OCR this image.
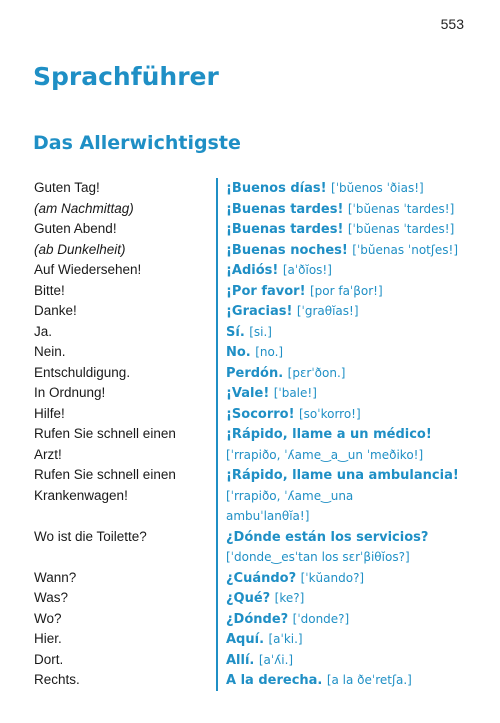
553
Sprachführer
Das Allerwichtigste
Guten Tag!
(am Nachmittag)
Guten Abend!
(ab Dunkelheit)
Auf Wiedersehen!
Bitte!
Danke!
Ja.
Nein.
Entschuldigung.
In Ordnung!
Hilfe!
Rufen Sie schnell einen
Arzt!
Rufen Sie schnell einen
Krankenwagen!
Wo ist die Toilette?
Wann?
Was?
Wo?
Hier.
Dort.
Rechts.
¡Buenos días! [ˈbŭenos ˈðias!]
¡Buenas tardes! [ˈbŭenas ˈtardes!]
¡Buenas tardes! [ˈbŭenas ˈtardes!]
¡Buenas noches! [ˈbŭenas ˈnotʃes!]
¡Adiós! [aˈðĭos!]
¡Por favor! [por faˈβor!]
¡Gracias! [ˈgraθĭas!]
Sí. [si.]
No. [no.]
Perdón. [pɛrˈðon.]
¡Vale! [ˈbale!]
¡Socorro! [soˈkorro!]
¡Rápido, llame a un médico!
[ˈrrapiðo, ˈʎame‿a‿un ˈmeðiko!]
¡Rápido, llame una ambulancia!
[ˈrrapiðo, ˈʎame‿una
ambuˈlanθĭa!]
¿Dónde están los servicios?
[ˈdonde‿esˈtan los sɛrˈβiθĭos?]
¿Cuándo? [ˈkŭando?]
¿Qué? [ke?]
¿Dónde? [ˈdonde?]
Aquí. [aˈki.]
Allí. [aˈʎi.]
A la derecha. [a la ðeˈretʃa.]
